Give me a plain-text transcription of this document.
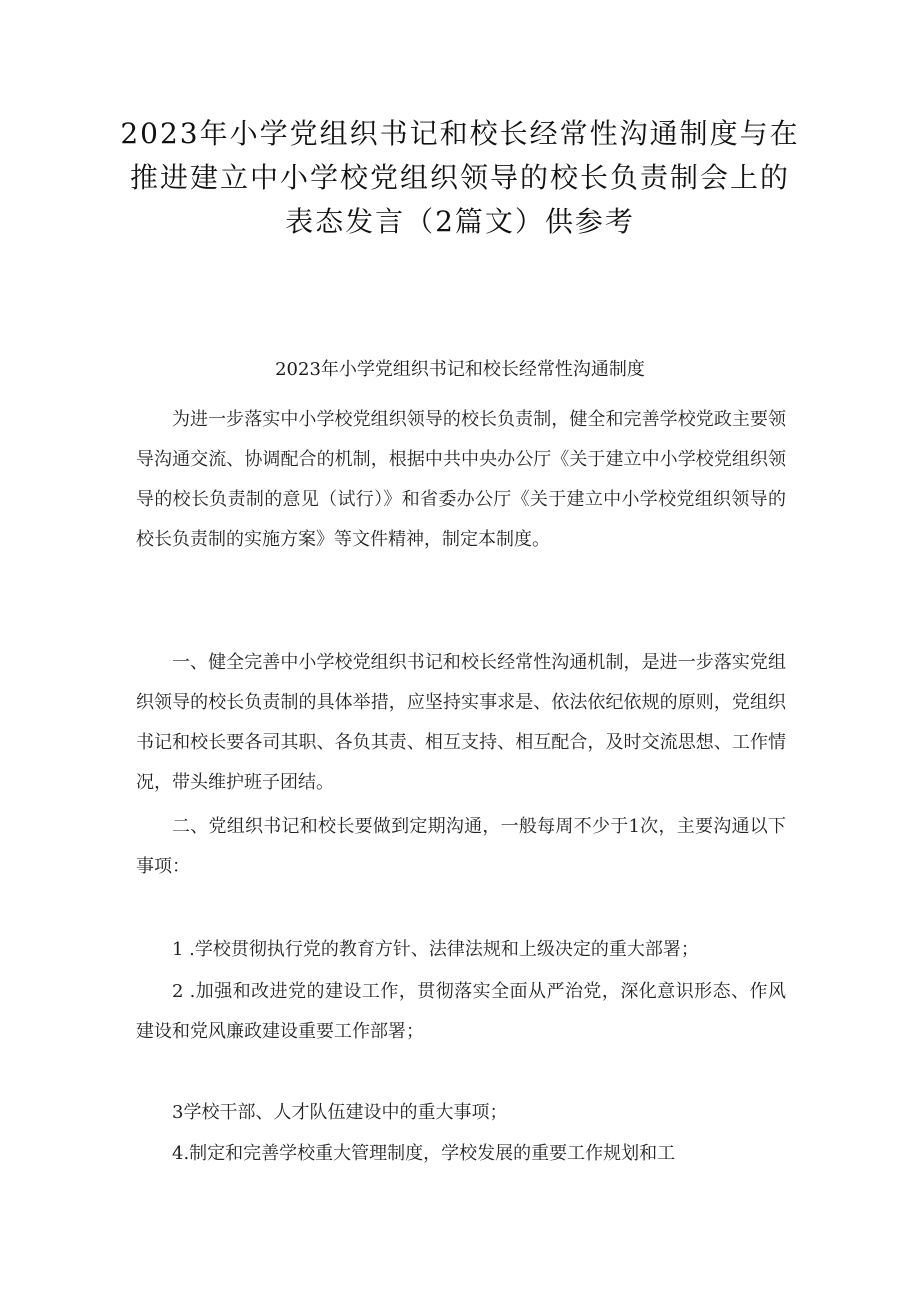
2023年小学党组织书记和校长经常性沟通制度与在
推进建立中小学校党组织领导的校长负责制会上的
表态发言（2篇文）供参考
2023年小学党组织书记和校长经常性沟通制度

为进一步落实中小学校党组织领导的校长负责制，健全和完善学校党政主要领导沟通交流、协调配合的机制，根据中共中央办公厅《关于建立中小学校党组织领导的校长负责制的意见（试行）》和省委办公厅《关于建立中小学校党组织领导的校长负责制的实施方案》等文件精神，制定本制度。

一、健全完善中小学校党组织书记和校长经常性沟通机制，是进一步落实党组织领导的校长负责制的具体举措，应坚持实事求是、依法依纪依规的原则，党组织书记和校长要各司其职、各负其责、相互支持、相互配合，及时交流思想、工作情况，带头维护班子团结。

二、党组织书记和校长要做到定期沟通，一般每周不少于1次，主要沟通以下事项：

1 .学校贯彻执行党的教育方针、法律法规和上级决定的重大部署；

2 .加强和改进党的建设工作，贯彻落实全面从严治党，深化意识形态、作风建设和党风廉政建设重要工作部署；

3学校干部、人才队伍建设中的重大事项；

4.制定和完善学校重大管理制度，学校发展的重要工作规划和工
